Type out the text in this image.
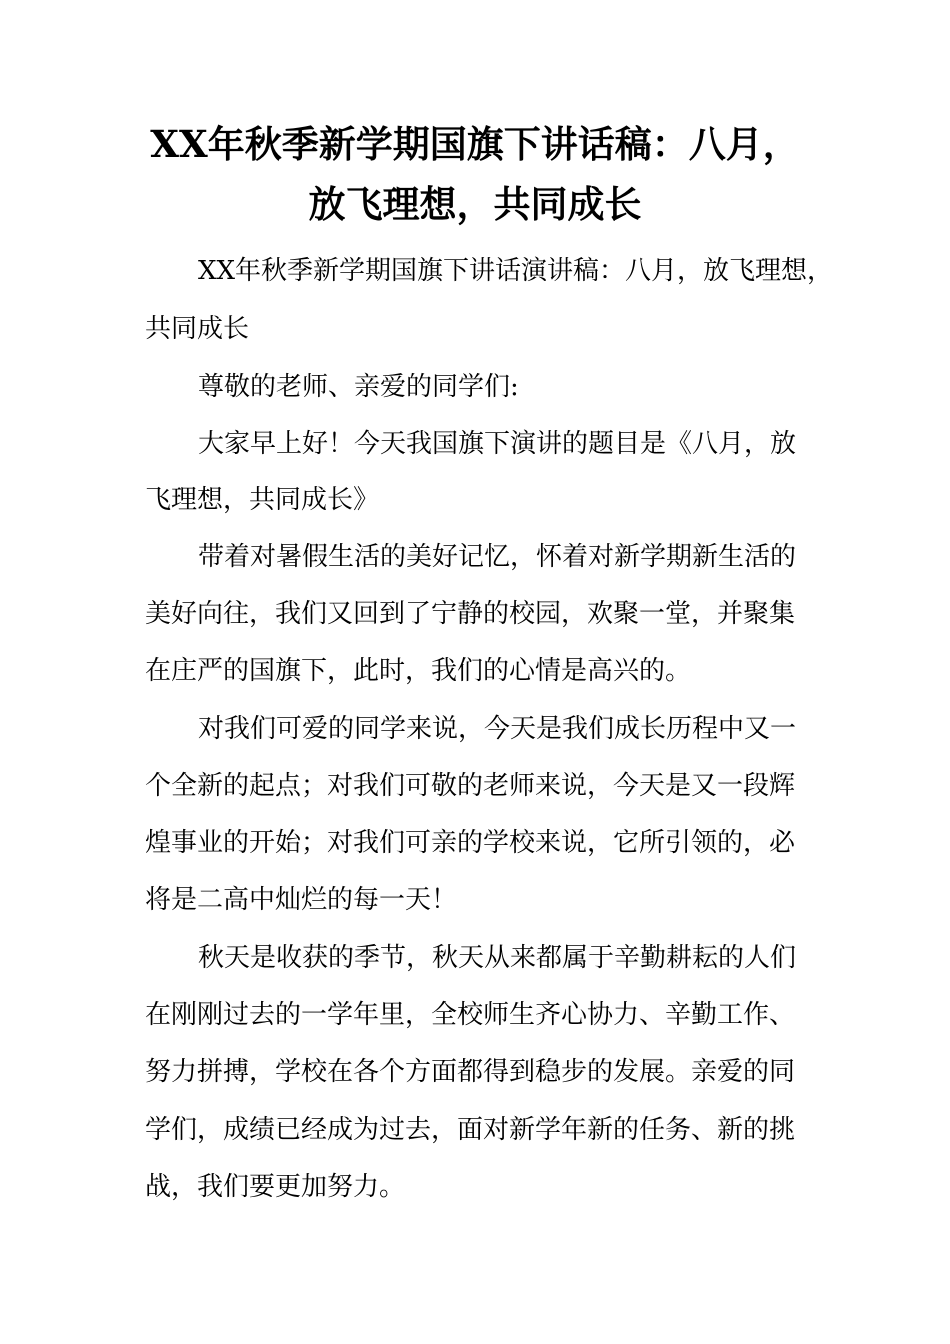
XX年秋季新学期国旗下讲话稿：八月，
放飞理想，共同成长
XX年秋季新学期国旗下讲话演讲稿：八月，放飞理想，
共同成长
尊敬的老师、亲爱的同学们:
大家早上好！今天我国旗下演讲的题目是《八月，放
飞理想，共同成长》
带着对暑假生活的美好记忆，怀着对新学期新生活的
美好向往，我们又回到了宁静的校园，欢聚一堂，并聚集
在庄严的国旗下，此时，我们的心情是高兴的。
对我们可爱的同学来说，今天是我们成长历程中又一
个全新的起点；对我们可敬的老师来说，今天是又一段辉
煌事业的开始；对我们可亲的学校来说，它所引领的，必
将是二高中灿烂的每一天！
秋天是收获的季节，秋天从来都属于辛勤耕耘的人们
在刚刚过去的一学年里，全校师生齐心协力、辛勤工作、
努力拼搏，学校在各个方面都得到稳步的发展。亲爱的同
学们，成绩已经成为过去，面对新学年新的任务、新的挑
战，我们要更加努力。
